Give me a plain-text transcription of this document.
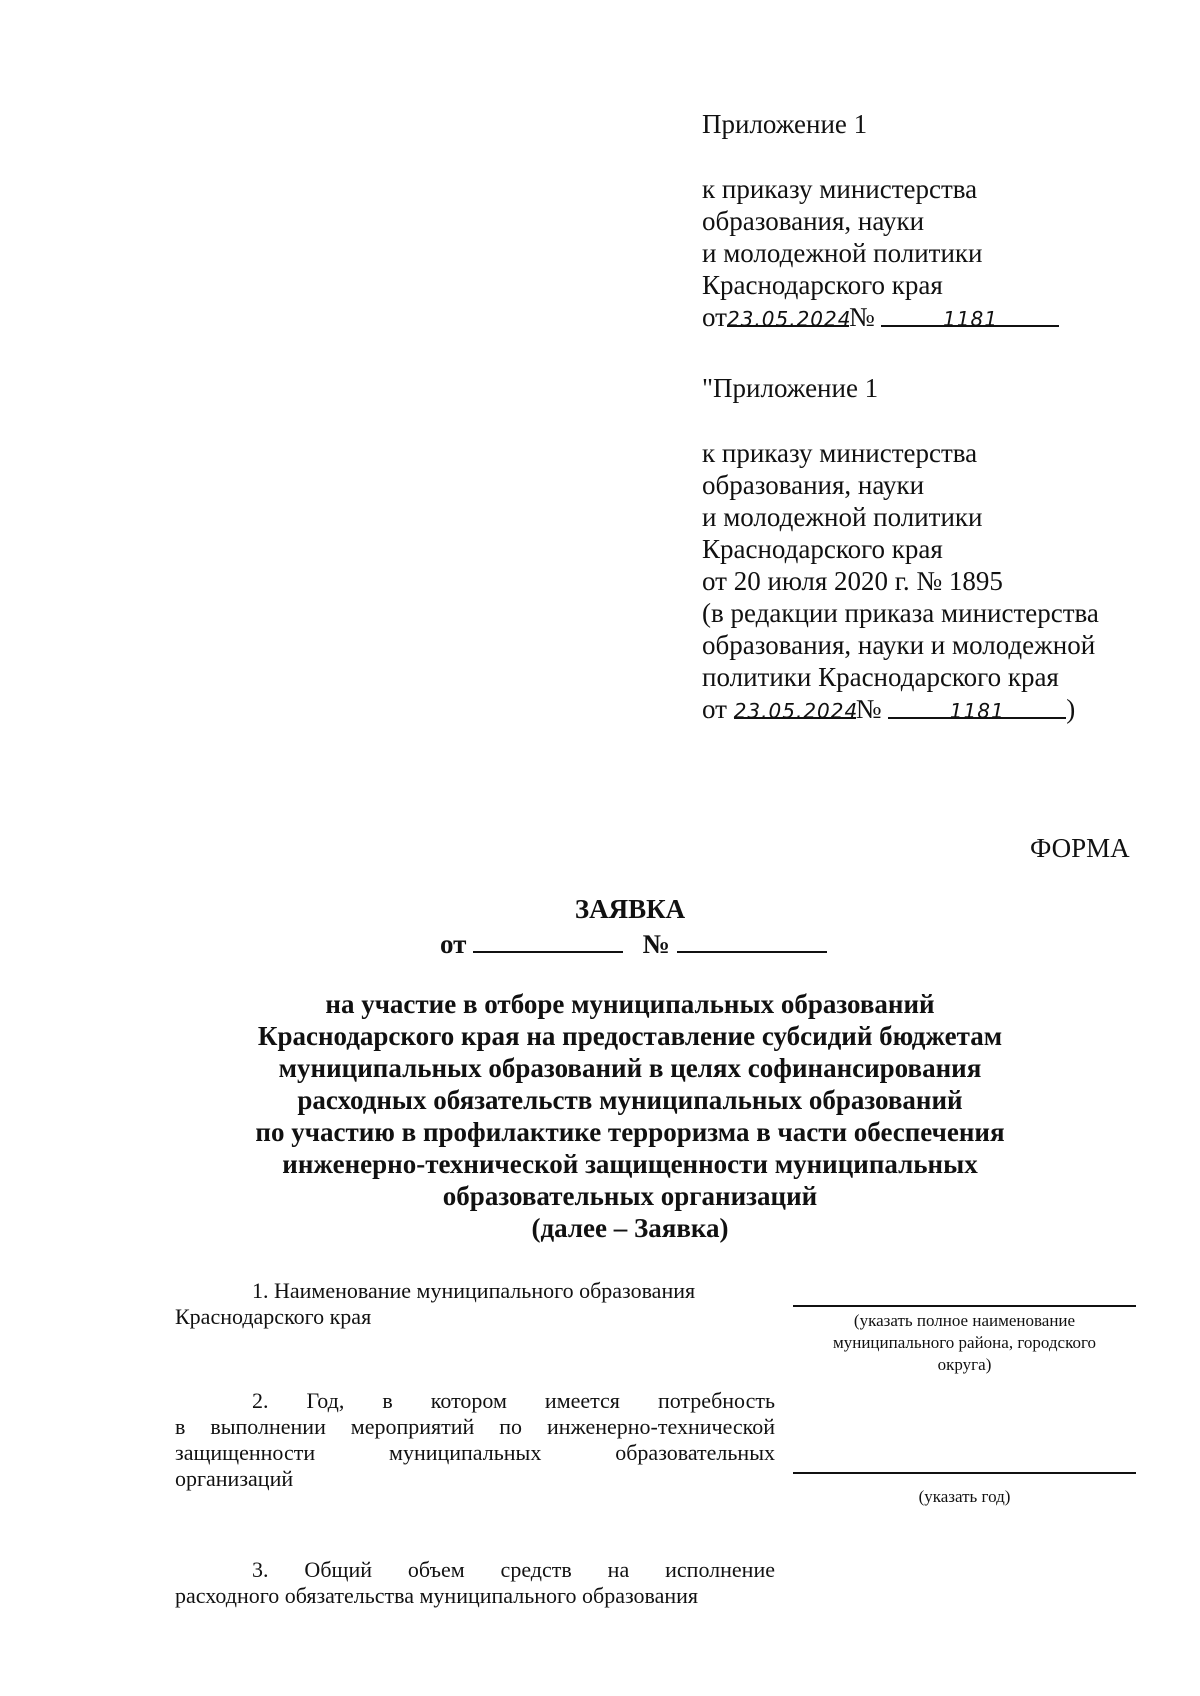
Приложение 1
к приказу министерства
образования, науки
и молодежной политики
Краснодарского края
от23.05.2024№	1181
"Приложение 1
к приказу министерства
образования, науки
и молодежной политики
Краснодарского края
от 20 июля 2020 г. № 1895
(в редакции приказа министерства
образования, науки и молодежной
политики Краснодарского края
от 23.05.2024№	1181 )
ФОРМА
ЗАЯВКА
от	№
на участие в отборе муниципальных образований
Краснодарского края на предоставление субсидий бюджетам
муниципальных образований в целях софинансирования
расходных обязательств муниципальных образований
по участию в профилактике терроризма в части обеспечения
инженерно-технической защищенности муниципальных
образовательных организаций
(далее – Заявка)
1. Наименование муниципального образования
Краснодарского края	(указать полное наименование
муниципального района, городского
округа)
2. Год, в котором имеется потребность
в выполнении мероприятий по инженерно-технической
защищенности муниципальных образовательных
организаций
(указать год)
3. Общий объем средств на исполнение
расходного обязательства муниципального образования
